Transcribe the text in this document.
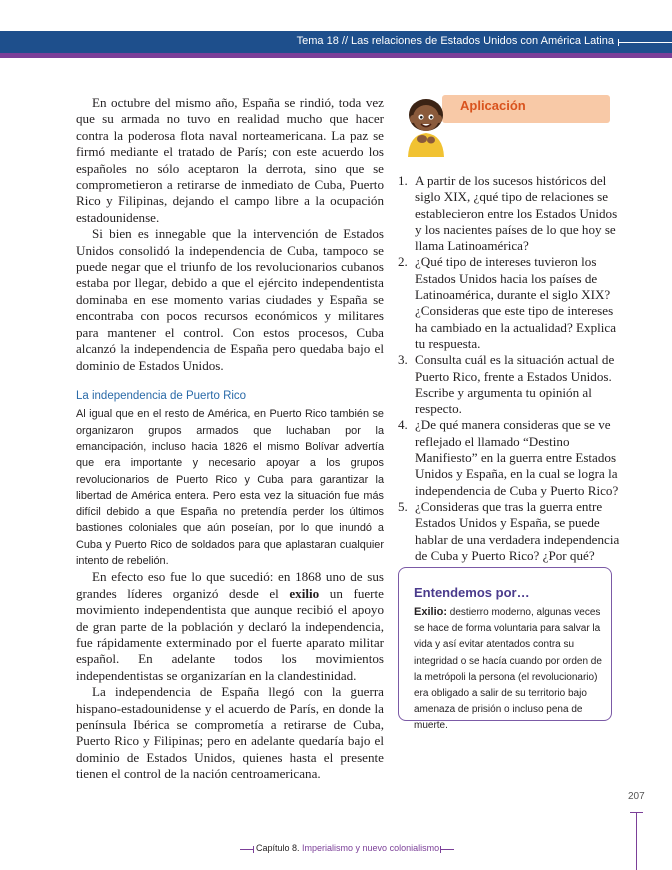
Tema 18 // Las relaciones de Estados Unidos con América Latina

En octubre del mismo año, España se rindió, toda vez que su armada no tuvo en realidad mucho que hacer contra la poderosa flota naval norteamericana. La paz se firmó mediante el tratado de París; con este acuerdo los españoles no sólo aceptaron la derrota, sino que se comprometieron a retirarse de inmediato de Cuba, Puerto Rico y Filipinas, dejando el campo libre a la ocupación estadounidense.

Si bien es innegable que la intervención de Estados Unidos consolidó la independencia de Cuba, tampoco se puede negar que el triunfo de los revolucionarios cubanos estaba por llegar, debido a que el ejército independentista dominaba en ese momento varias ciudades y España se encontraba con pocos recursos económicos y militares para mantener el control. Con estos procesos, Cuba alcanzó la independencia de España pero quedaba bajo el dominio de Estados Unidos.

La independencia de Puerto Rico

Al igual que en el resto de América, en Puerto Rico también se organizaron grupos armados que luchaban por la emancipación, incluso hacia 1826 el mismo Bolívar advertía que era importante y necesario apoyar a los grupos revolucionarios de Puerto Rico y Cuba para garantizar la libertad de América entera. Pero esta vez la situación fue más difícil debido a que España no pretendía perder los últimos bastiones coloniales que aún poseían, por lo que inundó a Cuba y Puerto Rico de soldados para que aplastaran cualquier intento de rebelión.

En efecto eso fue lo que sucedió: en 1868 uno de sus grandes líderes organizó desde el exilio un fuerte movimiento independentista que aunque recibió el apoyo de gran parte de la población y declaró la independencia, fue rápidamente exterminado por el fuerte aparato militar español. En adelante todos los movimientos independentistas se organizarían en la clandestinidad.

La independencia de España llegó con la guerra hispano-estadounidense y el acuerdo de París, en donde la península Ibérica se comprometía a retirarse de Cuba, Puerto Rico y Filipinas; pero en adelante quedaría bajo el dominio de Estados Unidos, quienes hasta el presente tienen el control de la nación centroamericana.

Aplicación
1. A partir de los sucesos históricos del siglo XIX, ¿qué tipo de relaciones se establecieron entre los Estados Unidos y los nacientes países de lo que hoy se llama Latinoamérica?
2. ¿Qué tipo de intereses tuvieron los Estados Unidos hacia los países de Latinoamérica, durante el siglo XIX? ¿Consideras que este tipo de intereses ha cambiado en la actualidad? Explica tu respuesta.
3. Consulta cuál es la situación actual de Puerto Rico, frente a Estados Unidos. Escribe y argumenta tu opinión al respecto.
4. ¿De qué manera consideras que se ve reflejado el llamado “Destino Manifiesto” en la guerra entre Estados Unidos y España, en la cual se logra la independencia de Cuba y Puerto Rico?
5. ¿Consideras que tras la guerra entre Estados Unidos y España, se puede hablar de una verdadera independencia de Cuba y Puerto Rico? ¿Por qué?
Entendemos por…
Exilio: destierro moderno, algunas veces se hace de forma voluntaria para salvar la vida y así evitar atentados contra su integridad o se hacía cuando por orden de la metrópoli la persona (el revolucionario) era obligado a salir de su territorio bajo amenaza de prisión o incluso pena de muerte.
207
Capítulo 8. Imperialismo y nuevo colonialismo
